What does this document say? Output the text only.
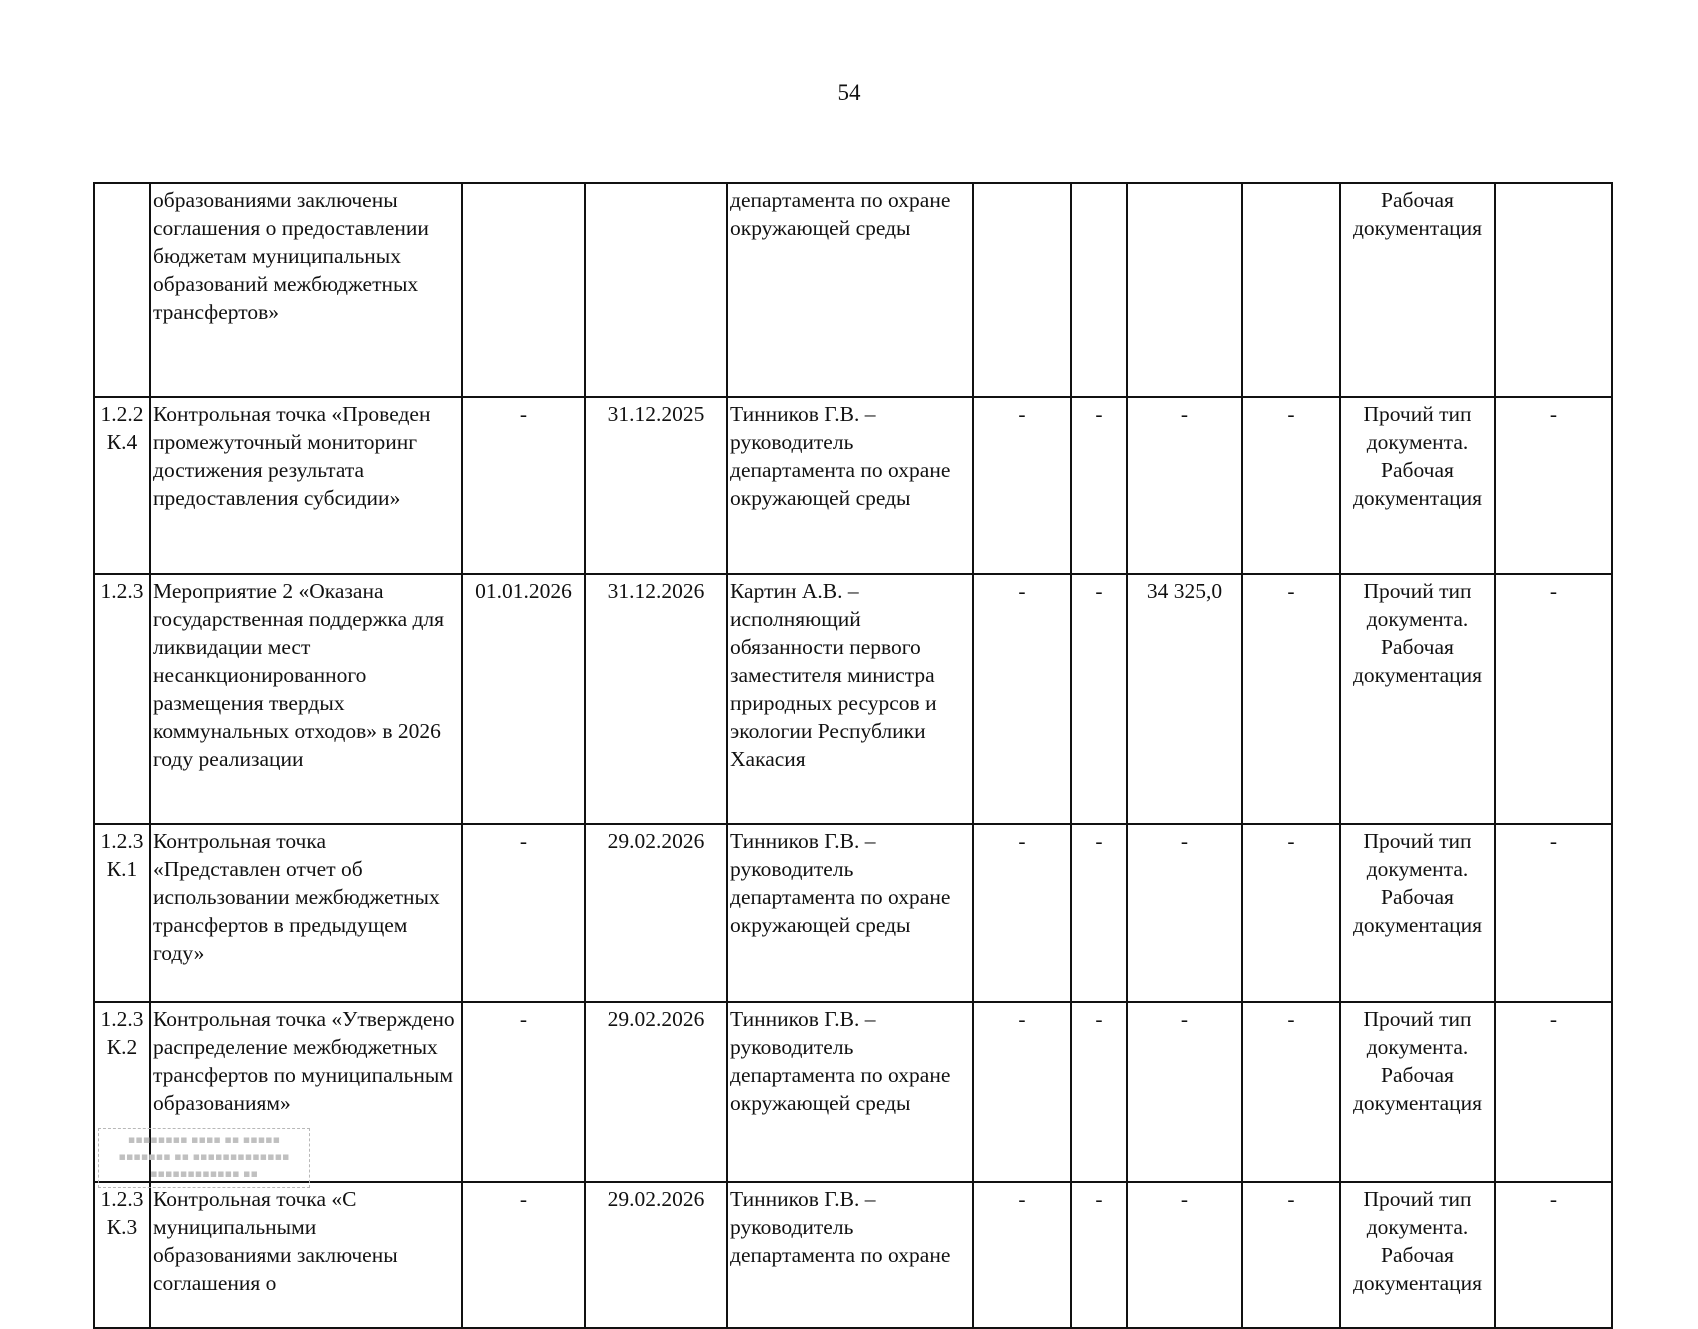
54
	образованиями заключены соглашения о предоставлении бюджетам муниципальных образований межбюджетных трансфертов»			департамента по охране окружающей среды					Рабочая документация	
1.2.2 К.4	Контрольная точка «Проведен промежуточный мониторинг достижения результата предоставления субсидии»	-	31.12.2025	Тинников Г.В. – руководитель департамента по охране окружающей среды	-	-	-	-	Прочий тип документа. Рабочая документация	-
1.2.3	Мероприятие 2 «Оказана государственная поддержка для ликвидации мест несанкционированного размещения твердых коммунальных отходов» в 2026 году реализации	01.01.2026	31.12.2026	Картин А.В. – исполняющий обязанности первого заместителя министра природных ресурсов и экологии Республики Хакасия	-	-	34 325,0	-	Прочий тип документа. Рабочая документация	-
1.2.3 К.1	Контрольная точка «Представлен отчет об использовании межбюджетных трансфертов в предыдущем году»	-	29.02.2026	Тинников Г.В. – руководитель департамента по охране окружающей среды	-	-	-	-	Прочий тип документа. Рабочая документация	-
1.2.3 К.2	Контрольная точка «Утверждено распределение межбюджетных трансфертов по муниципальным образованиям»	-	29.02.2026	Тинников Г.В. – руководитель департамента по охране окружающей среды	-	-	-	-	Прочий тип документа. Рабочая документация	-
1.2.3 К.3	Контрольная точка «С муниципальными образованиями заключены соглашения о	-	29.02.2026	Тинников Г.В. – руководитель департамента по охране	-	-	-	-	Прочий тип документа. Рабочая документация	-
▪▪▪▪▪▪▪▪ ▪▪▪▪ ▪▪ ▪▪▪▪▪
▪▪▪▪▪▪▪ ▪▪ ▪▪▪▪▪▪▪▪▪▪▪▪▪
▪▪▪▪▪▪▪▪▪▪▪▪ ▪▪
